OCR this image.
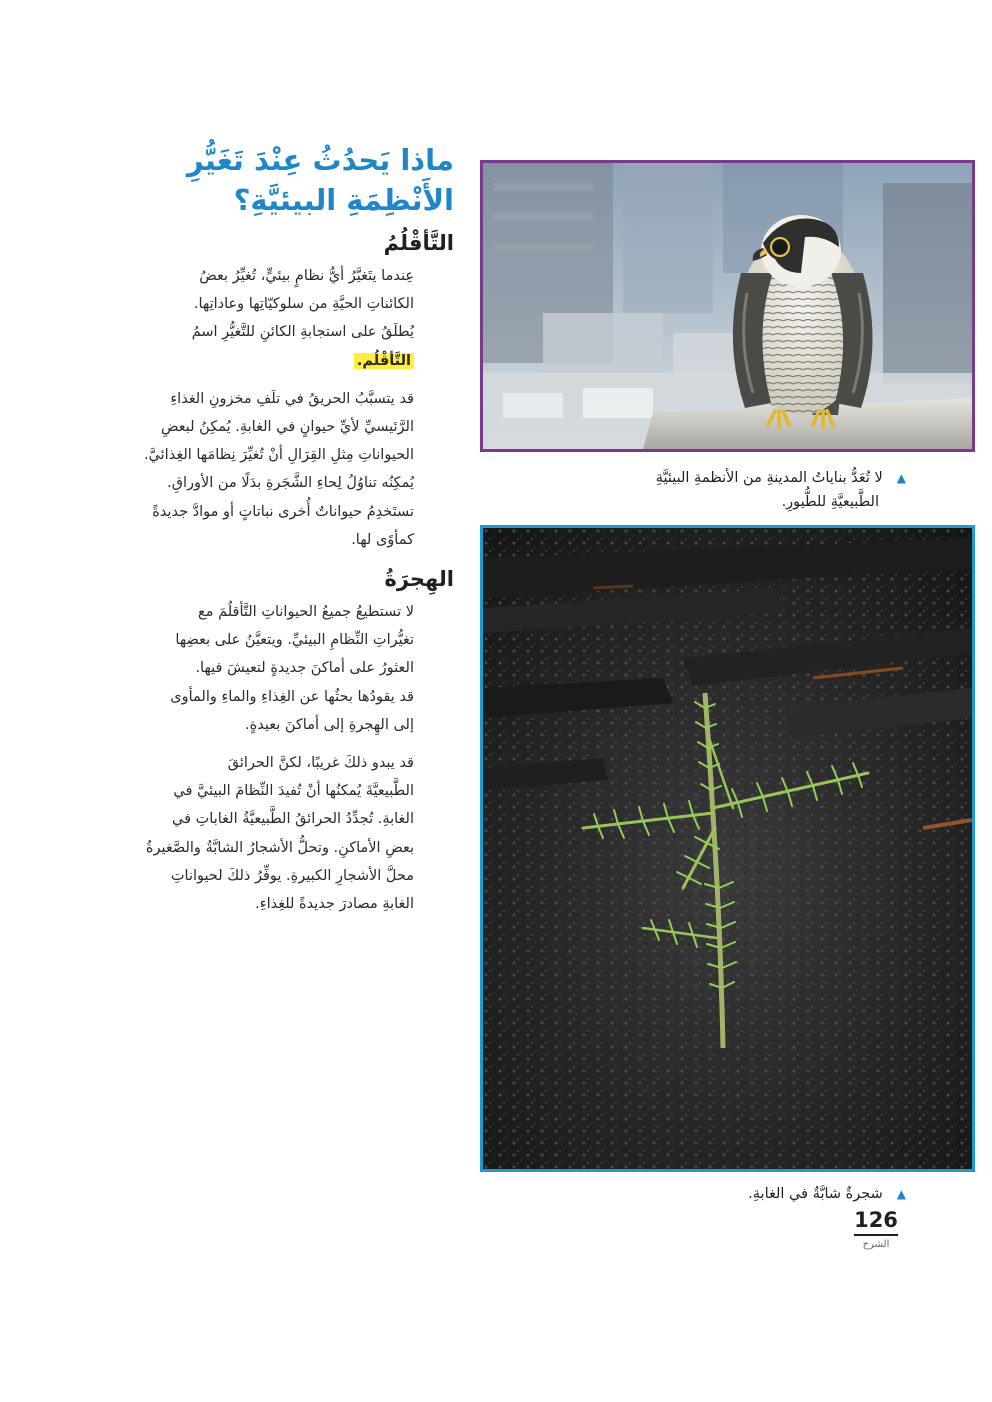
ماذا يَحدُثُ عِنْدَ تَغَيُّرِ
الأَنْظِمَةِ البيئيَّةِ؟
التَّأقْلُمُ

عِندما يتَغيَّرُ أيُّ نظامٍ بيئيٍّ، تُغيِّرُ بعضُ
الكائناتِ الحيَّةِ من سلوكيّاتِها وعاداتِها.
يُطلَقُ على استجابةِ الكائنِ للتَّغيُّرِ اسمُ
التَّأقْلُم.

قد يتسبَّبُ الحريقُ في تلَفِ مخزونِ الغذاءِ
الرَّئيسيِّ لأيِّ حيوانٍ في الغابةِ. يُمكِنُ لبعضِ
الحيواناتِ مِثلِ القِرَالِ أنْ تُغيِّرَ نِظامَها الغِذائيَّ.
يُمكِنُه تناوُلُ لِحاءِ الشَّجَرةِ بدَلًا من الأوراقِ.
تستَخدِمُ حيواناتٌ أُخرى نباتاتٍ أو موادَّ جديدةً
كمأوًى لها.

الهِجرَةُ

لا تستطيعُ جميعُ الحيواناتِ التَّأقلُمَ مع
تغيُّراتِ النِّظامِ البيئيِّ. ويتعيَّنُ على بعضِها
العثورُ على أماكنَ جديدةٍ لتعيشَ فيها.
قد يقودُها بحثُها عن الغِذاءِ والماءِ والمأوى
إلى الهِجرةِ إلى أماكنَ بعيدةٍ.

قد يبدو ذلكَ غريبًا، لكنَّ الحرائقَ
الطَّبيعيَّةَ يُمكنُها أنْ تُفيدَ النِّظامَ البيئيَّ في
الغابةِ. تُجدِّدُ الحرائقُ الطَّبيعيَّةُ الغاباتِ في
بعضِ الأماكنِ. وتحلُّ الأشجارُ الشابَّةُ والصَّغيرةُ
محلَّ الأشجارِ الكبيرةِ. يوفِّرُ ذلكَ لحيواناتِ
الغابةِ مصادرَ جديدةً للغِذاءِ.

▲لا تُعَدُّ بناياتُ المدينةِ من الأنظمةِ البيئيَّةِ
الطَّبيعيَّةِ للطُّيورِ.
▲شجرةٌ شابَّةٌ في الغابةِ.
126
الشرح
